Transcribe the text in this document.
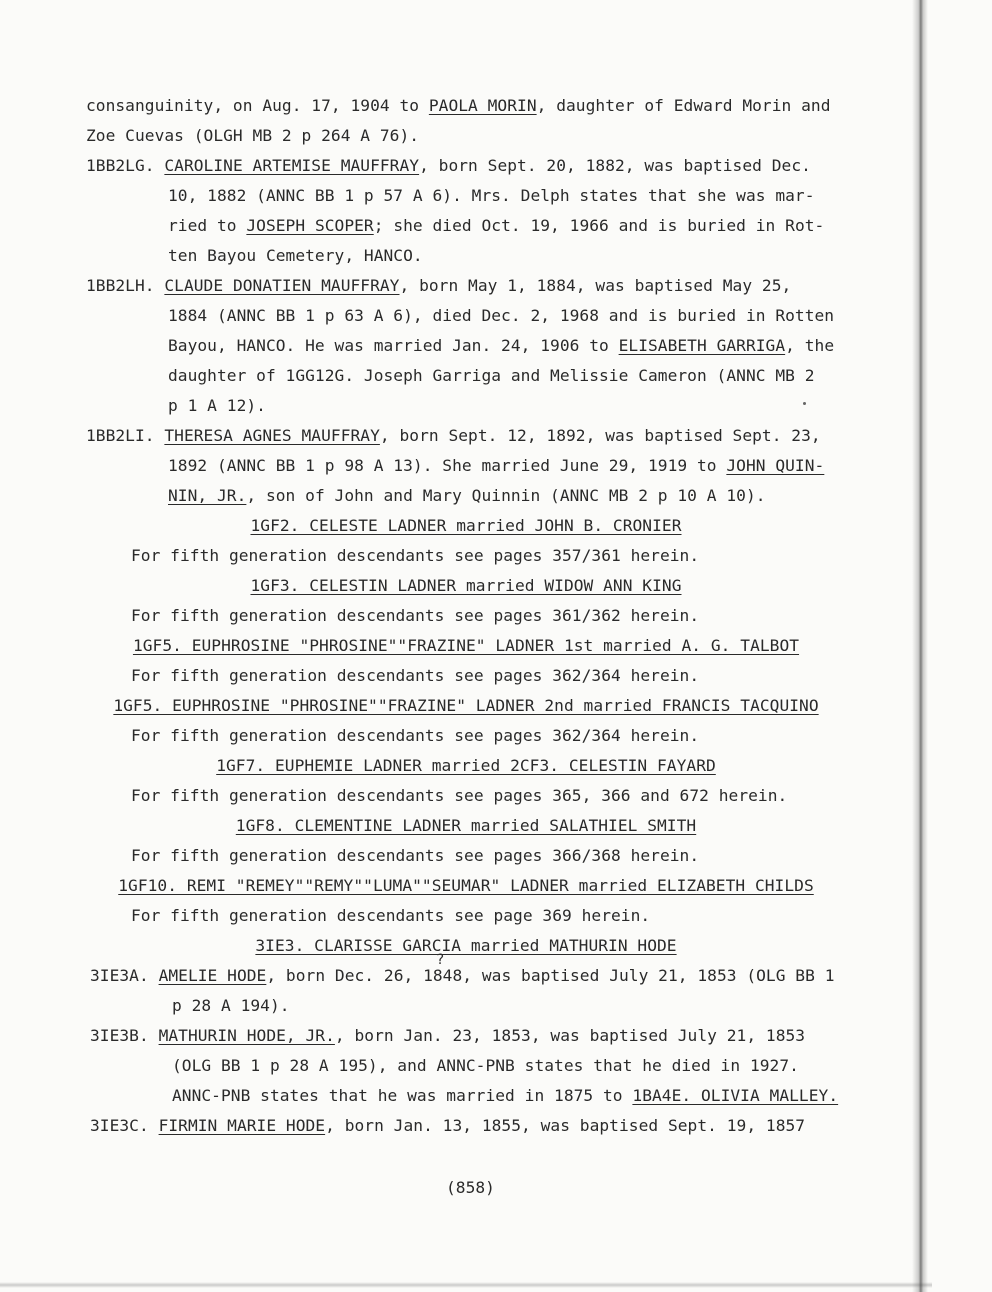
consanguinity, on Aug. 17, 1904 to PAOLA MORIN, daughter of Edward Morin and
Zoe Cuevas (OLGH MB 2 p 264 A 76).
1BB2LG. CAROLINE ARTEMISE MAUFFRAY, born Sept. 20, 1882, was baptised Dec.
10, 1882 (ANNC BB 1 p 57 A 6). Mrs. Delph states that she was mar-
ried to JOSEPH SCOPER; she died Oct. 19, 1966 and is buried in Rot-
ten Bayou Cemetery, HANCO.
1BB2LH. CLAUDE DONATIEN MAUFFRAY, born May 1, 1884, was baptised May 25,
1884 (ANNC BB 1 p 63 A 6), died Dec. 2, 1968 and is buried in Rotten
Bayou, HANCO. He was married Jan. 24, 1906 to ELISABETH GARRIGA, the
daughter of 1GG12G. Joseph Garriga and Melissie Cameron (ANNC MB 2
p 1 A 12).
1BB2LI. THERESA AGNES MAUFFRAY, born Sept. 12, 1892, was baptised Sept. 23,
1892 (ANNC BB 1 p 98 A 13). She married June 29, 1919 to JOHN QUIN-
NIN, JR., son of John and Mary Quinnin (ANNC MB 2 p 10 A 10).
1GF2. CELESTE LADNER married JOHN B. CRONIER
For fifth generation descendants see pages 357/361 herein.
1GF3. CELESTIN LADNER married WIDOW ANN KING
For fifth generation descendants see pages 361/362 herein.
1GF5. EUPHROSINE "PHROSINE""FRAZINE" LADNER 1st married A. G. TALBOT
For fifth generation descendants see pages 362/364 herein.
1GF5. EUPHROSINE "PHROSINE""FRAZINE" LADNER 2nd married FRANCIS TACQUINO
For fifth generation descendants see pages 362/364 herein.
1GF7. EUPHEMIE LADNER married 2CF3. CELESTIN FAYARD
For fifth generation descendants see pages 365, 366 and 672 herein.
1GF8. CLEMENTINE LADNER married SALATHIEL SMITH
For fifth generation descendants see pages 366/368 herein.
1GF10. REMI "REMEY""REMY""LUMA""SEUMAR" LADNER married ELIZABETH CHILDS
For fifth generation descendants see page 369 herein.
3IE3. CLARISSE GARCIA married MATHURIN HODE
3IE3A. AMELIE HODE, born Dec. 26, 1848, was baptised July 21, 1853 (OLG BB 1
p 28 A 194).
3IE3B. MATHURIN HODE, JR., born Jan. 23, 1853, was baptised July 21, 1853
(OLG BB 1 p 28 A 195), and ANNC-PNB states that he died in 1927.
ANNC-PNB states that he was married in 1875 to 1BA4E. OLIVIA MALLEY.
3IE3C. FIRMIN MARIE HODE, born Jan. 13, 1855, was baptised Sept. 19, 1857
?
(858)
